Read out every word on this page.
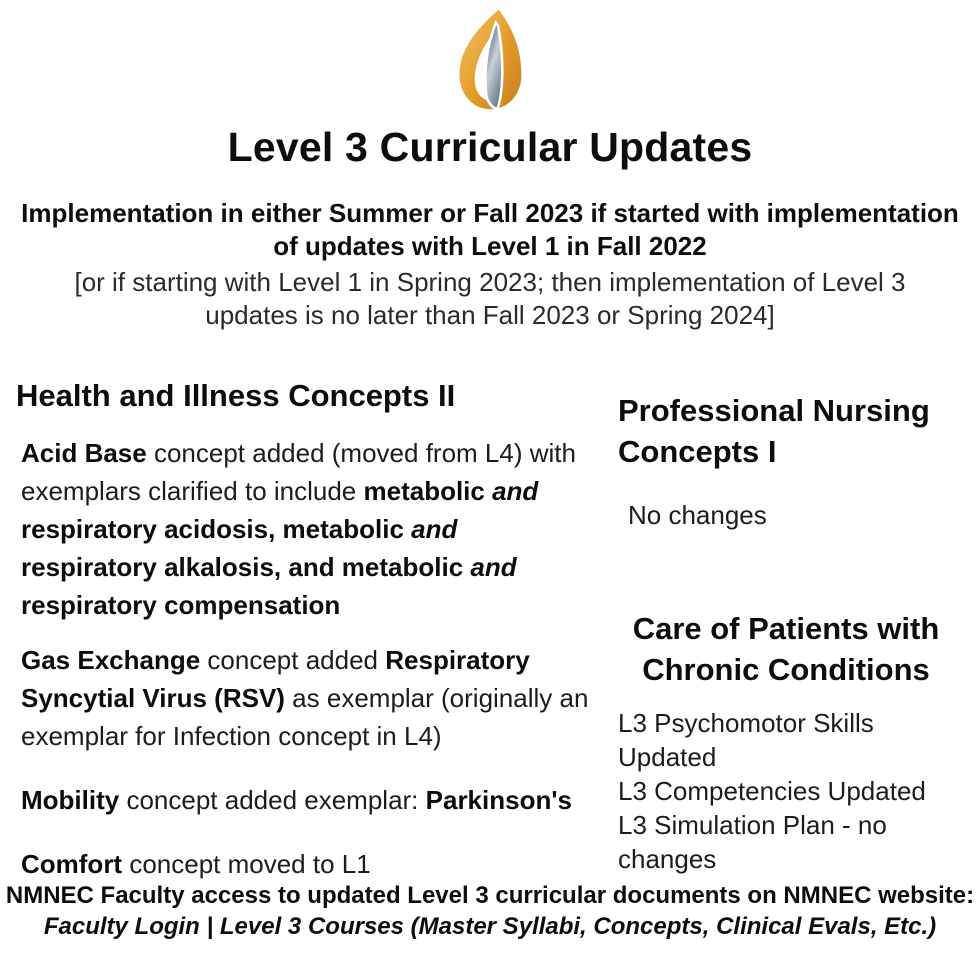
Level 3 Curricular Updates

Implementation in either Summer or Fall 2023 if started with implementation of updates with Level 1 in Fall 2022

[or if starting with Level 1 in Spring 2023; then implementation of Level 3 updates is no later than Fall 2023 or Spring 2024]

Health and Illness Concepts II

Acid Base concept added (moved from L4) with exemplars clarified to include metabolic and respiratory acidosis, metabolic and respiratory alkalosis, and metabolic and respiratory compensation

Gas Exchange concept added Respiratory Syncytial Virus (RSV) as exemplar (originally an exemplar for Infection concept in L4)

Mobility concept added exemplar: Parkinson's

Comfort concept moved to L1

Professional Nursing Concepts I

No changes

Care of Patients with Chronic Conditions
L3 Psychomotor Skills Updated
L3 Competencies Updated
L3 Simulation Plan - no changes

NMNEC Faculty access to updated Level 3 curricular documents on NMNEC website:

Faculty Login | Level 3 Courses (Master Syllabi, Concepts, Clinical Evals, Etc.)
